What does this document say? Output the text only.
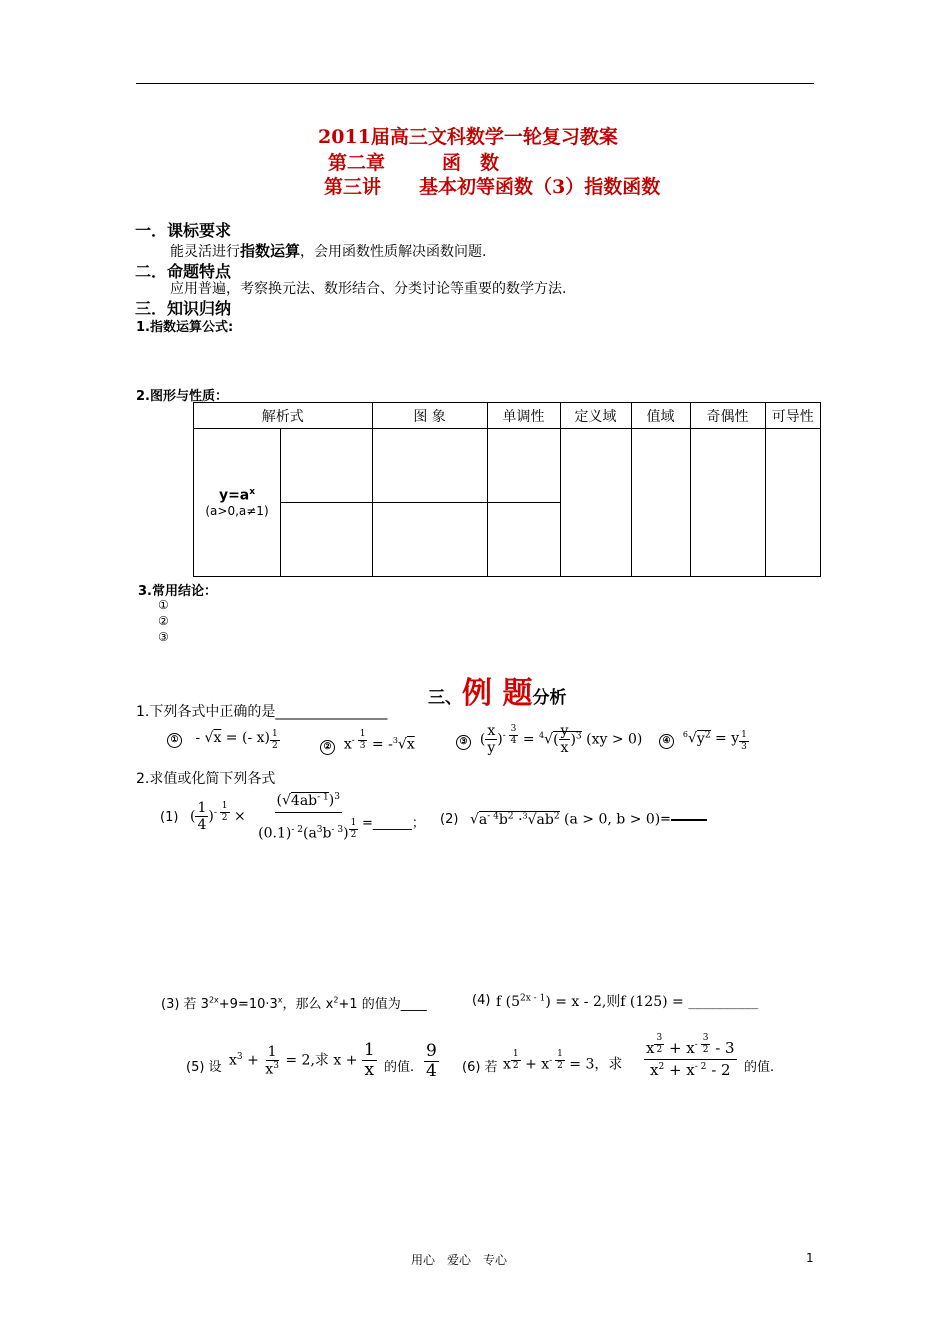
2011届高三文科数学一轮复习教案
第二章　　　函　数
第三讲　　基本初等函数（3）指数函数
一．课标要求
能灵活进行指数运算，会用函数性质解决函数问题.
二．命题特点
应用普遍，考察换元法、数形结合、分类讨论等重要的数学方法.
三．知识归纳
1.指数运算公式:
2.图形与性质：
解析式		图 象	单调性	定义域	值域	奇偶性	可导性

$y=a^x$
(a>0,a≠1)							

3.常用结论：
①
②
③
三、例 题分析
1.下列各式中正确的是________________
①   - √x = (- $x) \frac{1}{2}$	②  $x^{- \frac{1}{3}} = -^3√x$	③  ( $\frac{x}{y} )^{- \frac{3}{4}} = ^4√( \frac{y}{x} )^3$ (xy > 0)	④  $^6√y^2 = y \frac{1}{3}$
2.求值或化简下列各式
(1) ( $\frac{1}{4} )^{- \frac{1}{2}} \times (√4ab^{- 1})^3$
$(0.1)^{- 2}(a^3b^{- 3})$ $^{\frac{1}{2}}$ =______； (2) $√a^{- 4}b^2 \cdot^3√ab^2$ (a > 0, b > 0) =
(3) 若 $3^{2x}+9=10\cdot 3^x$，那么 $x^2+1$ 的值为____	(4) f $(5^{2x - 1}) = x - 2$,则f (125) = __________
(5) 设 $x^3 + \frac{1}{x^3} = 2$,求 $x + \frac{1}{x}$ 的值. $\frac{9}{4} (6)$ 若 x $^{\frac{1}{2}} + x^{- \frac{1}{2}} = 3$，求 x $^{\frac{3}{2}} + x^{- \frac{3}{2}} - 3$
$x^2 + x^{- 2} - 2$ 的值.
用心　爱心　专心	1
